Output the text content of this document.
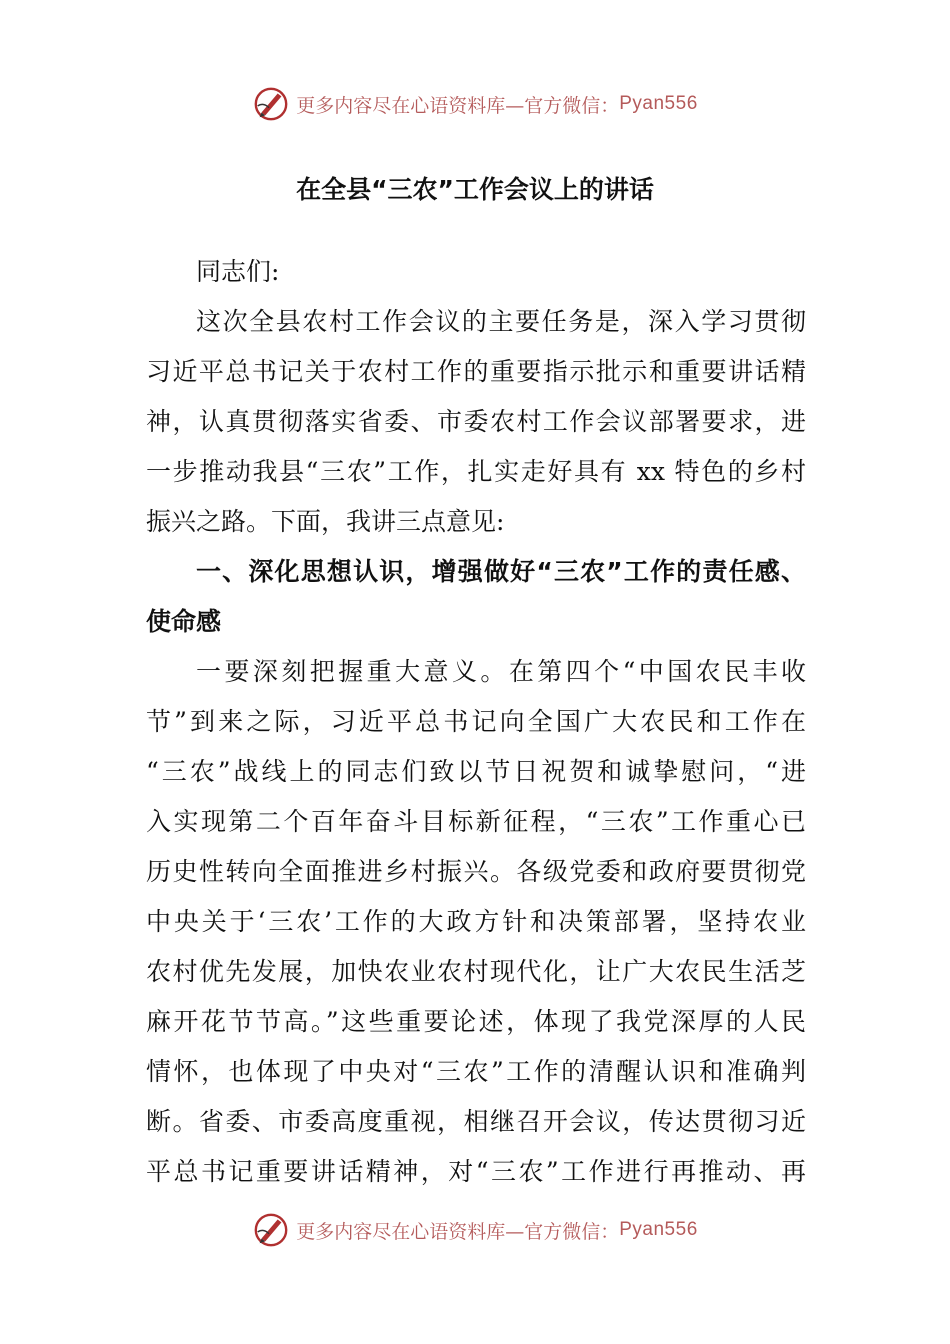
更多内容尽在心语资料库—官方微信： Pyan556
在全县“三农”工作会议上的讲话
同志们:
这次全县农村工作会议的主要任务是，深入学习贯彻
习近平总书记关于农村工作的重要指示批示和重要讲话精
神，认真贯彻落实省委、市委农村工作会议部署要求，进
一步推动我县“三农”工作，扎实走好具有 xx 特色的乡村
振兴之路。下面，我讲三点意见:
一、深化思想认识，增强做好“三农”工作的责任感、
使命感
一要深刻把握重大意义。在第四个“中国农民丰收
节”到来之际，习近平总书记向全国广大农民和工作在
“三农”战线上的同志们致以节日祝贺和诚挚慰问，“进
入实现第二个百年奋斗目标新征程，“三农”工作重心已
历史性转向全面推进乡村振兴。各级党委和政府要贯彻党
中央关于‘三农’工作的大政方针和决策部署，坚持农业
农村优先发展，加快农业农村现代化，让广大农民生活芝
麻开花节节高。”这些重要论述，体现了我党深厚的人民
情怀，也体现了中央对“三农”工作的清醒认识和准确判
断。省委、市委高度重视，相继召开会议，传达贯彻习近
平总书记重要讲话精神，对“三农”工作进行再推动、再
更多内容尽在心语资料库—官方微信： Pyan556
